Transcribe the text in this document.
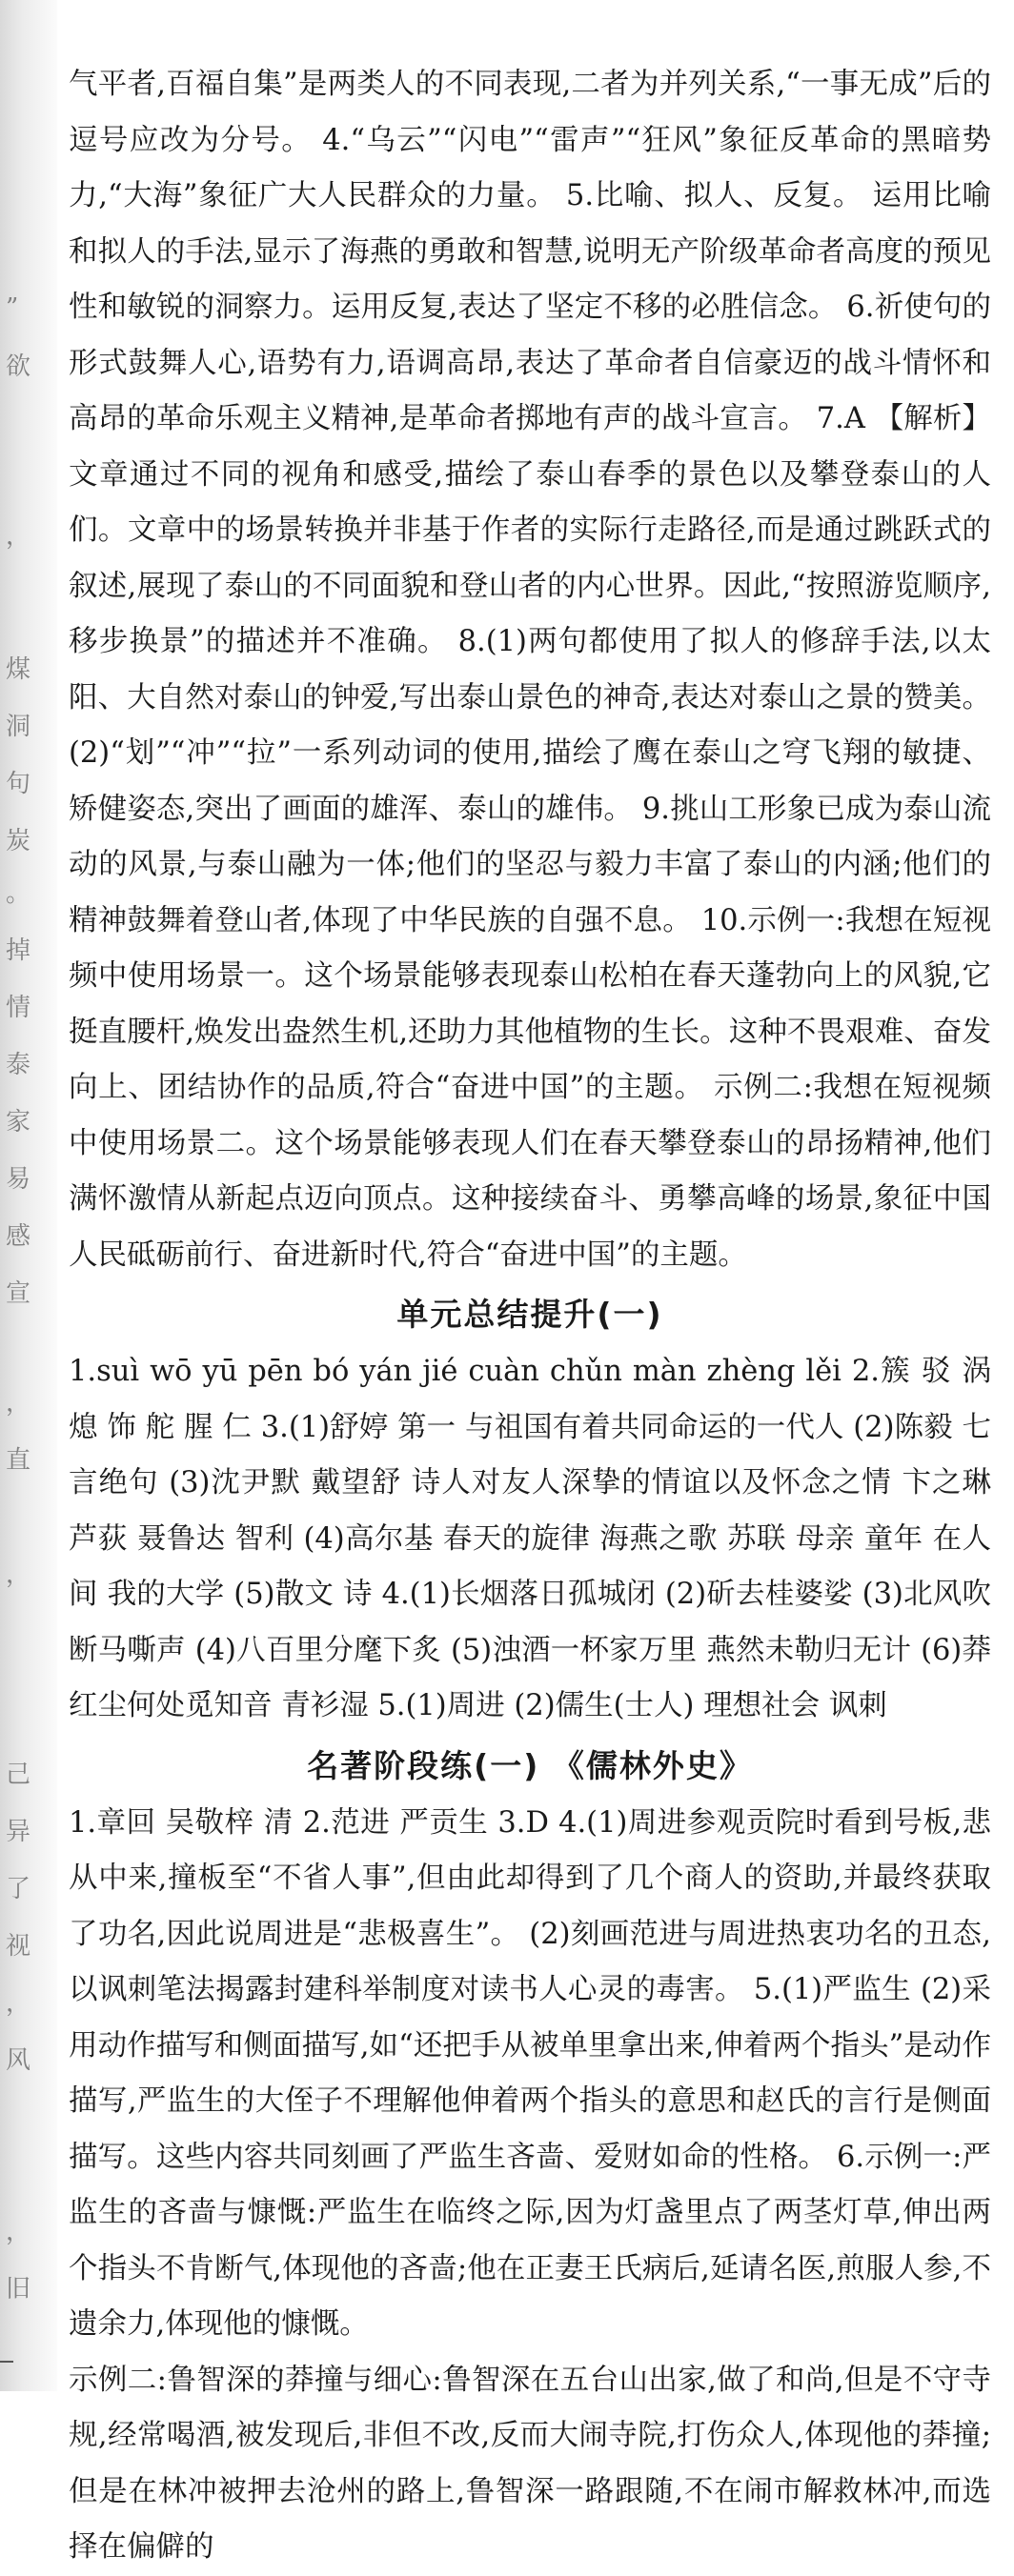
”
欲
，
煤
洞
句
炭
。
掉
情
泰
家
易
感
宣
，
直
，
己
异
了
视
，
风
，
旧

气平者,百福自集”是两类人的不同表现,二者为并列关系,“一事无成”后的逗号应改为分号。 4.“乌云”“闪电”“雷声”“狂风”象征反革命的黑暗势力,“大海”象征广大人民群众的力量。 5.比喻、拟人、反复。 运用比喻和拟人的手法,显示了海燕的勇敢和智慧,说明无产阶级革命者高度的预见性和敏锐的洞察力。运用反复,表达了坚定不移的必胜信念。 6.祈使句的形式鼓舞人心,语势有力,语调高昂,表达了革命者自信豪迈的战斗情怀和高昂的革命乐观主义精神,是革命者掷地有声的战斗宣言。 7.A 【解析】文章通过不同的视角和感受,描绘了泰山春季的景色以及攀登泰山的人们。文章中的场景转换并非基于作者的实际行走路径,而是通过跳跃式的叙述,展现了泰山的不同面貌和登山者的内心世界。因此,“按照游览顺序,移步换景”的描述并不准确。 8.(1)两句都使用了拟人的修辞手法,以太阳、大自然对泰山的钟爱,写出泰山景色的神奇,表达对泰山之景的赞美。 (2)“划”“冲”“拉”一系列动词的使用,描绘了鹰在泰山之穹飞翔的敏捷、矫健姿态,突出了画面的雄浑、泰山的雄伟。 9.挑山工形象已成为泰山流动的风景,与泰山融为一体;他们的坚忍与毅力丰富了泰山的内涵;他们的精神鼓舞着登山者,体现了中华民族的自强不息。 10.示例一:我想在短视频中使用场景一。这个场景能够表现泰山松柏在春天蓬勃向上的风貌,它挺直腰杆,焕发出盎然生机,还助力其他植物的生长。这种不畏艰难、奋发向上、团结协作的品质,符合“奋进中国”的主题。 示例二:我想在短视频中使用场景二。这个场景能够表现人们在春天攀登泰山的昂扬精神,他们满怀激情从新起点迈向顶点。这种接续奋斗、勇攀高峰的场景,象征中国人民砥砺前行、奋进新时代,符合“奋进中国”的主题。

单元总结提升(一)

1.suì wō yū pēn bó yán jié cuàn chǔn màn zhèng lěi 2.簇 驳 涡 熄 饰 舵 腥 仁 3.(1)舒婷 第一 与祖国有着共同命运的一代人 (2)陈毅 七言绝句 (3)沈尹默 戴望舒 诗人对友人深挚的情谊以及怀念之情 卞之琳 芦荻 聂鲁达 智利 (4)高尔基 春天的旋律 海燕之歌 苏联 母亲 童年 在人间 我的大学 (5)散文 诗 4.(1)长烟落日孤城闭 (2)斫去桂婆娑 (3)北风吹断马嘶声 (4)八百里分麾下炙 (5)浊酒一杯家万里 燕然未勒归无计 (6)莽红尘何处觅知音 青衫湿 5.(1)周进 (2)儒生(士人) 理想社会 讽刺

名著阶段练(一) 《儒林外史》

1.章回 吴敬梓 清 2.范进 严贡生 3.D 4.(1)周进参观贡院时看到号板,悲从中来,撞板至“不省人事”,但由此却得到了几个商人的资助,并最终获取了功名,因此说周进是“悲极喜生”。 (2)刻画范进与周进热衷功名的丑态,以讽刺笔法揭露封建科举制度对读书人心灵的毒害。 5.(1)严监生 (2)采用动作描写和侧面描写,如“还把手从被单里拿出来,伸着两个指头”是动作描写,严监生的大侄子不理解他伸着两个指头的意思和赵氏的言行是侧面描写。这些内容共同刻画了严监生吝啬、爱财如命的性格。 6.示例一:严监生的吝啬与慷慨:严监生在临终之际,因为灯盏里点了两茎灯草,伸出两个指头不肯断气,体现他的吝啬;他在正妻王氏病后,延请名医,煎服人参,不遗余力,体现他的慷慨。

示例二:鲁智深的莽撞与细心:鲁智深在五台山出家,做了和尚,但是不守寺规,经常喝酒,被发现后,非但不改,反而大闹寺院,打伤众人,体现他的莽撞;但是在林冲被押去沧州的路上,鲁智深一路跟随,不在闹市解救林冲,而选择在偏僻的
